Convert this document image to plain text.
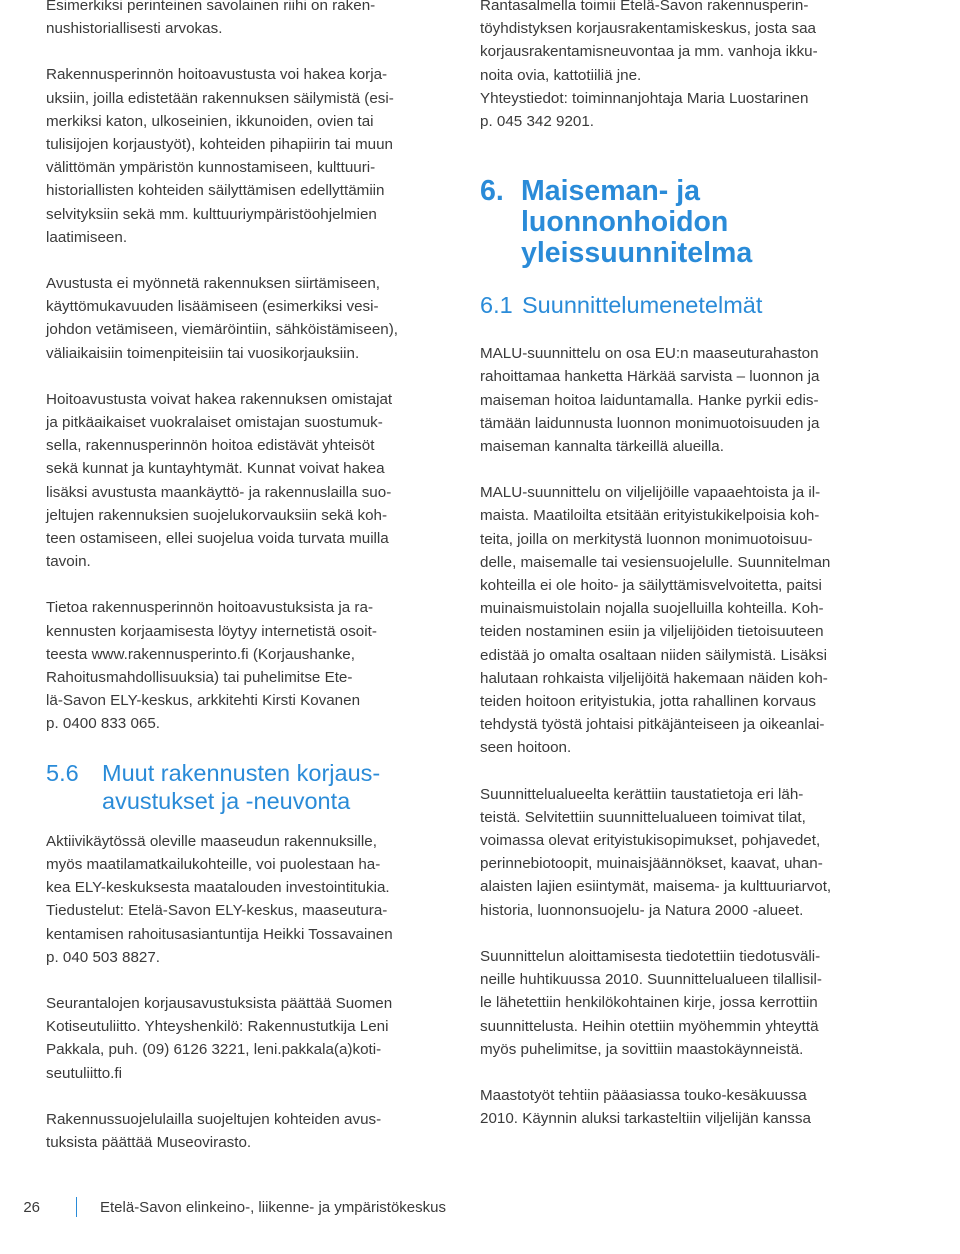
Esimerkiksi perinteinen savolainen riihi on raken-
nushistoriallisesti arvokas.

Rakennusperinnön hoitoavustusta voi hakea korja-
uksiin, joilla edistetään rakennuksen säilymistä (esi-
merkiksi katon, ulkoseinien, ikkunoiden, ovien tai
tulisijojen korjaustyöt), kohteiden pihapiirin tai muun
välittömän ympäristön kunnostamiseen, kulttuuri-
historiallisten kohteiden säilyttämisen edellyttämiin
selvityksiin sekä mm. kulttuuriympäristöohjelmien
laatimiseen.

Avustusta ei myönnetä rakennuksen siirtämiseen,
käyttömukavuuden lisäämiseen (esimerkiksi vesi-
johdon vetämiseen, viemäröintiin, sähköistämiseen),
väliaikaisiin toimenpiteisiin tai vuosikorjauksiin.

Hoitoavustusta voivat hakea rakennuksen omistajat
ja pitkäaikaiset vuokralaiset omistajan suostumuk-
sella, rakennusperinnön hoitoa edistävät yhteisöt
sekä kunnat ja kuntayhtymät. Kunnat voivat hakea
lisäksi avustusta maankäyttö- ja rakennuslailla suo-
jeltujen rakennuksien suojelukorvauksiin sekä koh-
teen ostamiseen, ellei suojelua voida turvata muilla
tavoin.

Tietoa rakennusperinnön hoitoavustuksista ja ra-
kennusten korjaamisesta löytyy internetistä osoit-
teesta www.rakennusperinto.fi (Korjaushanke,
Rahoitusmahdollisuuksia) tai puhelimitse Ete-
lä-Savon ELY-keskus, arkkitehti Kirsti Kovanen
p. 0400 833 065.

5.6 Muut rakennusten korjaus-
avustukset ja -neuvonta

Aktiivikäytössä oleville maaseudun rakennuksille,
myös maatilamatkailukohteille, voi puolestaan ha-
kea ELY-keskuksesta maatalouden investointitukia.
Tiedustelut: Etelä-Savon ELY-keskus, maaseutura-
kentamisen rahoitusasiantuntija Heikki Tossavainen
p. 040 503 8827.

Seurantalojen korjausavustuksista päättää Suomen
Kotiseutuliitto. Yhteyshenkilö: Rakennustutkija Leni
Pakkala, puh. (09) 6126 3221, leni.pakkala(a)koti-
seutuliitto.fi

Rakennussuojelulailla suojeltujen kohteiden avus-
tuksista päättää Museovirasto.

Rantasalmella toimii Etelä-Savon rakennusperin-
töyhdistyksen korjausrakentamiskeskus, josta saa
korjausrakentamisneuvontaa ja mm. vanhoja ikku-
noita ovia, kattotiiliä jne.
Yhteystiedot: toiminnanjohtaja Maria Luostarinen
p. 045 342 9201.

6. Maiseman- ja
luonnonhoidon
yleissuunnitelma
6.1 Suunnittelumenetelmät

MALU-suunnittelu on osa EU:n maaseuturahaston
rahoittamaa hanketta Härkää sarvista – luonnon ja
maiseman hoitoa laiduntamalla. Hanke pyrkii edis-
tämään laidunnusta luonnon monimuotoisuuden ja
maiseman kannalta tärkeillä alueilla.

MALU-suunnittelu on viljelijöille vapaaehtoista ja il-
maista. Maatiloilta etsitään erityistukikelpoisia koh-
teita, joilla on merkitystä luonnon monimuotoisuu-
delle, maisemalle tai vesiensuojelulle. Suunnitelman
kohteilla ei ole hoito- ja säilyttämisvelvoitetta, paitsi
muinaismuistolain nojalla suojelluilla kohteilla. Koh-
teiden nostaminen esiin ja viljelijöiden tietoisuuteen
edistää jo omalta osaltaan niiden säilymistä. Lisäksi
halutaan rohkaista viljelijöitä hakemaan näiden koh-
teiden hoitoon erityistukia, jotta rahallinen korvaus
tehdystä työstä johtaisi pitkäjänteiseen ja oikeanlai-
seen hoitoon.

Suunnittelualueelta kerättiin taustatietoja eri läh-
teistä. Selvitettiin suunnittelualueen toimivat tilat,
voimassa olevat erityistukisopimukset, pohjavedet,
perinnebiotoopit, muinaisjäännökset, kaavat, uhan-
alaisten lajien esiintymät, maisema- ja kulttuuriarvot,
historia, luonnonsuojelu- ja Natura 2000 -alueet.

Suunnittelun aloittamisesta tiedotettiin tiedotusväli-
neille huhtikuussa 2010. Suunnittelualueen tilallisil-
le lähetettiin henkilökohtainen kirje, jossa kerrottiin
suunnittelusta. Heihin otettiin myöhemmin yhteyttä
myös puhelimitse, ja sovittiin maastokäynneistä.

Maastotyöt tehtiin pääasiassa touko-kesäkuussa
2010. Käynnin aluksi tarkasteltiin viljelijän kanssa

26	Etelä-Savon elinkeino-, liikenne- ja ympäristökeskus
